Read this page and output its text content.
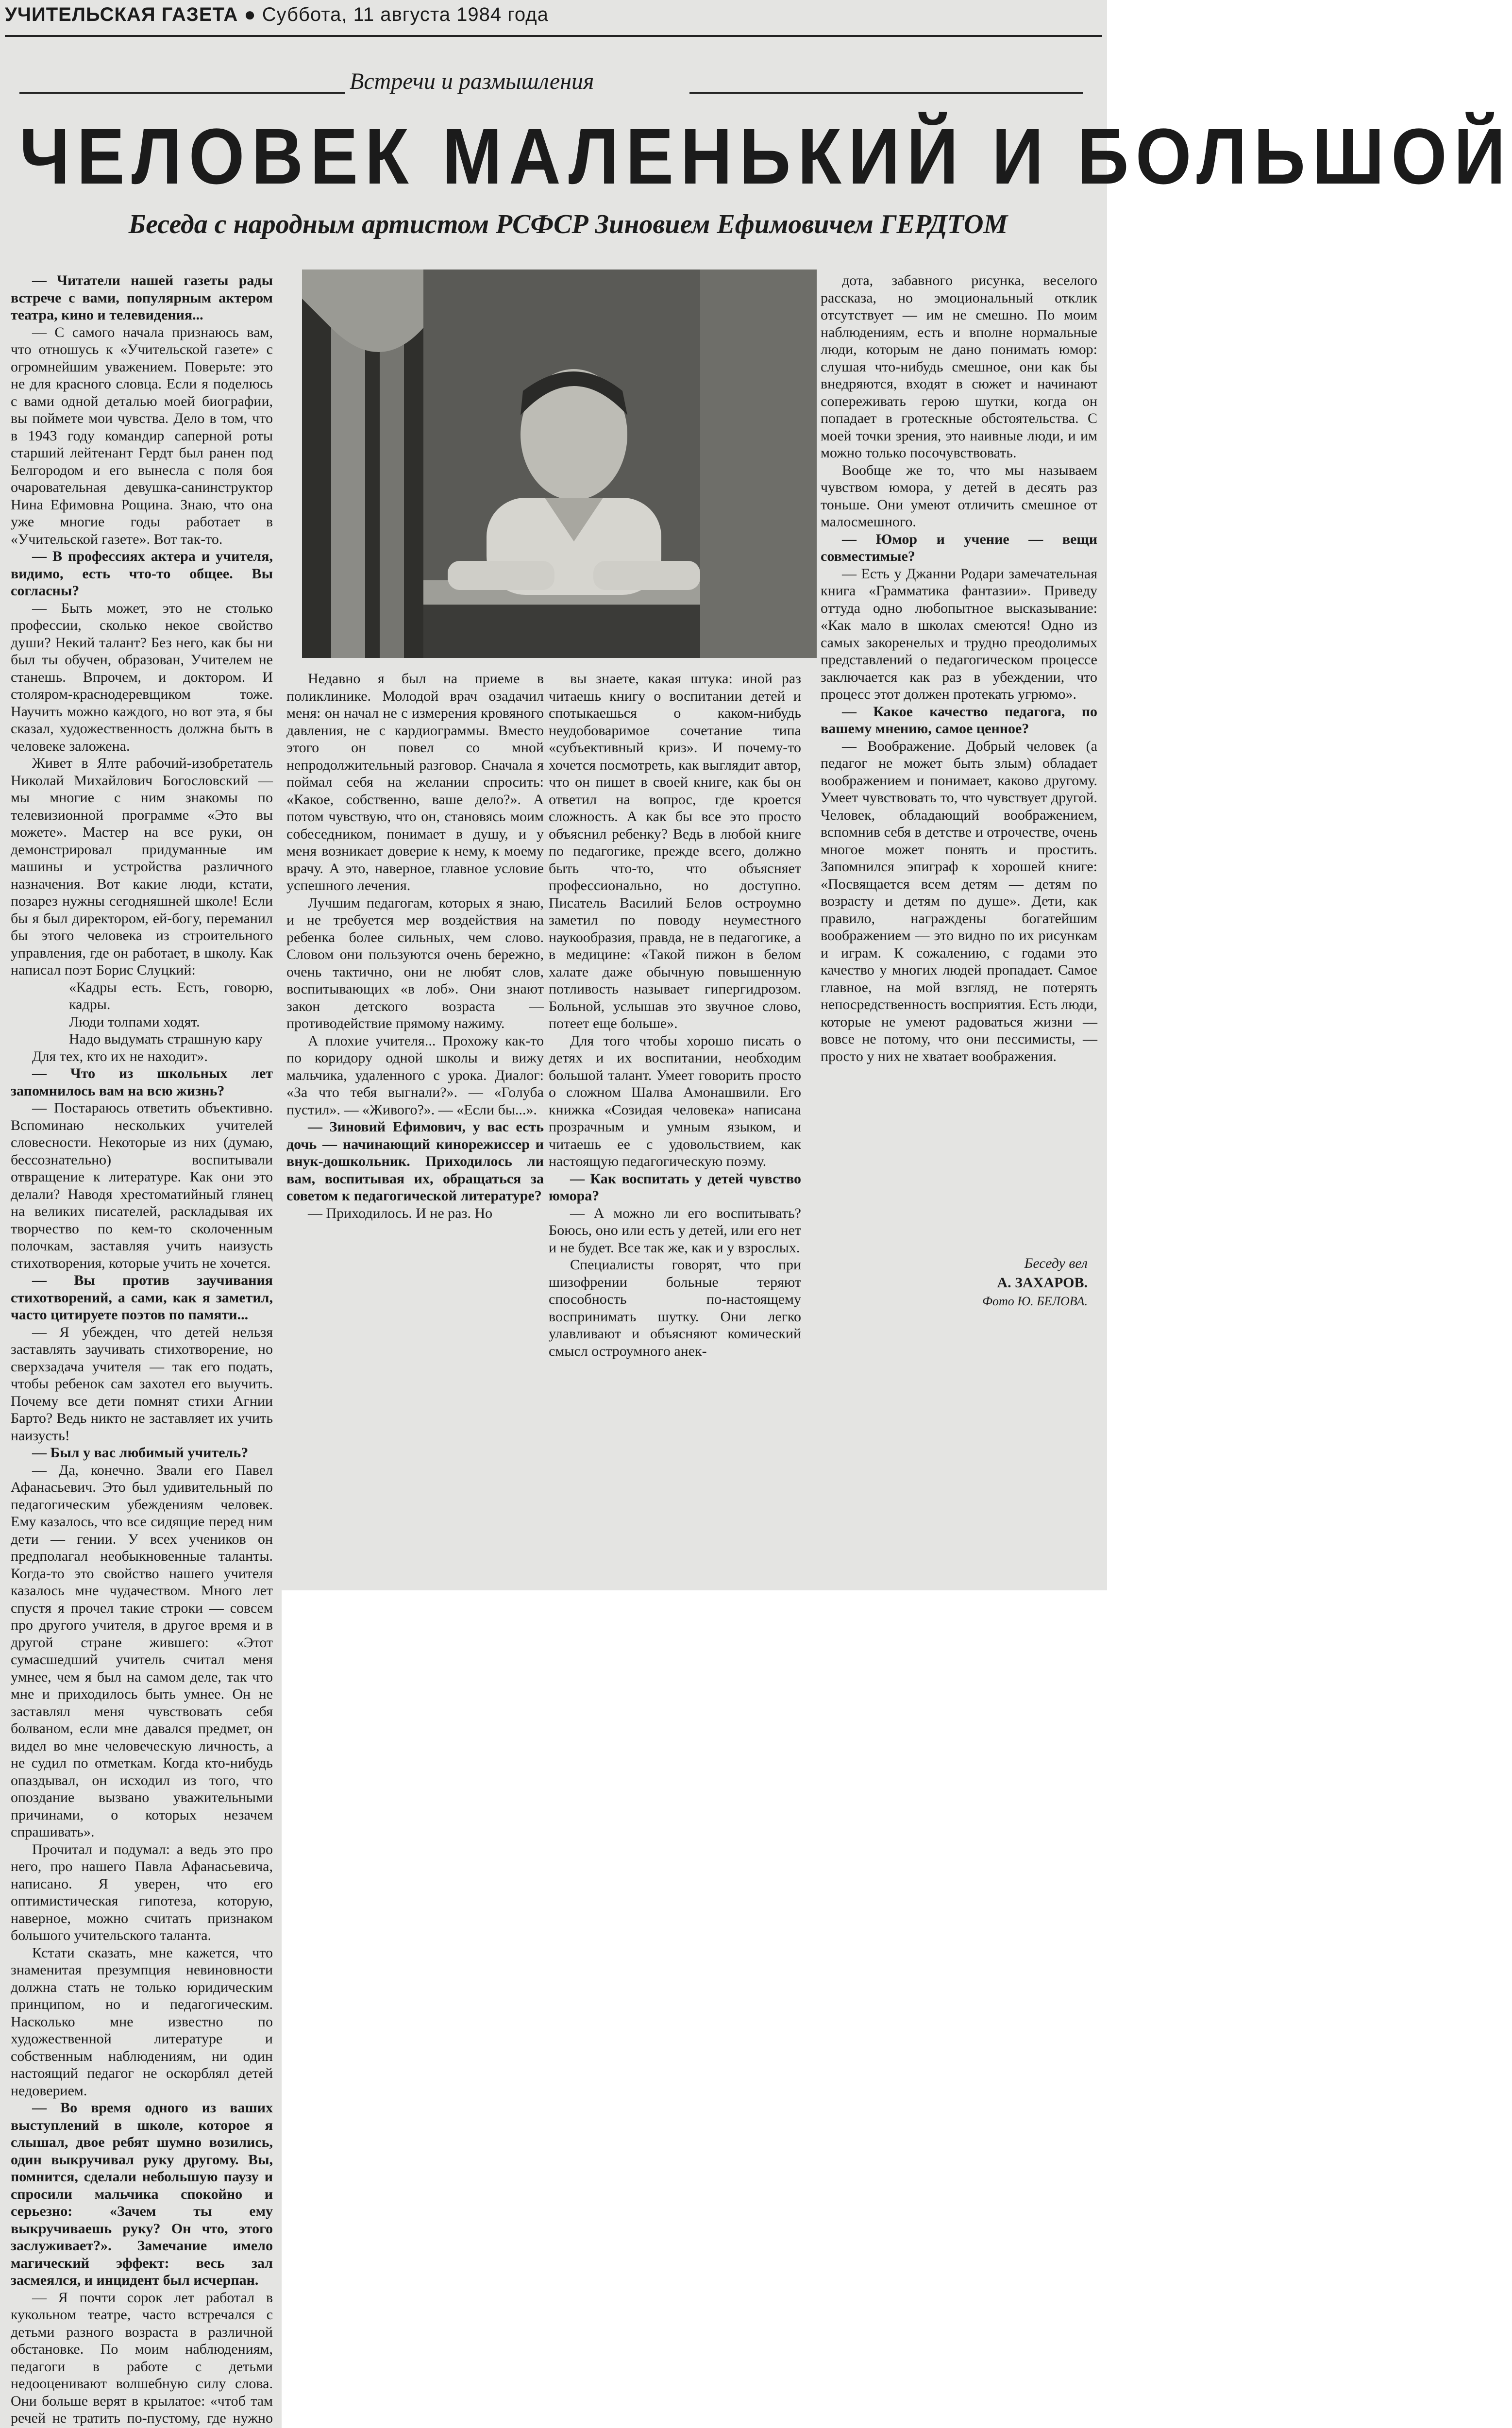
УЧИТЕЛЬСКАЯ ГАЗЕТА ● Суббота, 11 августа 1984 года
Встречи и размышления
ЧЕЛОВЕК МАЛЕНЬКИЙ И БОЛЬШОЙ
Беседа с народным артистом РСФСР Зиновием Ефимовичем ГЕРДТОМ

— Читатели нашей газеты рады встрече с вами, популярным актером театра, кино и телевидения...

— С самого начала признаюсь вам, что отношусь к «Учительской газете» с огромнейшим уважением. Поверьте: это не для красного словца. Если я поделюсь с вами одной деталью моей биографии, вы поймете мои чувства. Дело в том, что в 1943 году командир саперной роты старший лейтенант Гердт был ранен под Белгородом и его вынесла с поля боя очаровательная девушка-санинструктор Нина Ефимовна Рощина. Знаю, что она уже многие годы работает в «Учительской газете». Вот так-то.

— В профессиях актера и учителя, видимо, есть что-то общее. Вы согласны?

— Быть может, это не столько профессии, сколько некое свойство души? Некий талант? Без него, как бы ни был ты обучен, образован, Учителем не станешь. Впрочем, и доктором. И столяром-краснодеревщиком тоже. Научить можно каждого, но вот эта, я бы сказал, художественность должна быть в человеке заложена.

Живет в Ялте рабочий-изобретатель Николай Михайлович Богословский — мы многие с ним знакомы по телевизионной программе «Это вы можете». Мастер на все руки, он демонстрировал придуманные им машины и устройства различного назначения. Вот какие люди, кстати, позарез нужны сегодняшней школе! Если бы я был директором, ей-богу, переманил бы этого человека из строительного управления, где он работает, в школу. Как написал поэт Борис Слуцкий:

«Кадры есть. Есть, говорю, кадры.

Люди толпами ходят.

Надо выдумать страшную кару

Для тех, кто их не находит».

— Что из школьных лет запомнилось вам на всю жизнь?

— Постараюсь ответить объективно. Вспоминаю нескольких учителей словесности. Некоторые из них (думаю, бессознательно) воспитывали отвращение к литературе. Как они это делали? Наводя хрестоматийный глянец на великих писателей, раскладывая их творчество по кем-то сколоченным полочкам, заставляя учить наизусть стихотворения, которые учить не хочется.

— Вы против заучивания стихотворений, а сами, как я заметил, часто цитируете поэтов по памяти...

— Я убежден, что детей нельзя заставлять заучивать стихотворение, но сверхзадача учителя — так его подать, чтобы ребенок сам захотел его выучить. Почему все дети помнят стихи Агнии Барто? Ведь никто не заставляет их учить наизусть!

— Был у вас любимый учитель?

— Да, конечно. Звали его Павел Афанасьевич. Это был удивительный по педагогическим убеждениям человек. Ему казалось, что все сидящие перед ним дети — гении. У всех учеников он предполагал необыкновенные таланты. Когда-то это свойство нашего учителя казалось мне чудачеством. Много лет спустя я прочел такие строки — совсем про другого учителя, в другое время и в другой стране жившего: «Этот сумасшедший учитель считал меня умнее, чем я был на самом деле, так что мне и приходилось быть умнее. Он не заставлял меня чувствовать себя болваном, если мне давался предмет, он видел во мне человеческую личность, а не судил по отметкам. Когда кто-нибудь опаздывал, он исходил из того, что опоздание вызвано уважительными причинами, о которых незачем спрашивать».

Прочитал и подумал: а ведь это про него, про нашего Павла Афанасьевича, написано. Я уверен, что его оптимистическая гипотеза, которую, наверное, можно считать признаком большого учительского таланта.

Кстати сказать, мне кажется, что знаменитая презумпция невиновности должна стать не только юридическим принципом, но и педагогическим. Насколько мне известно по художественной литературе и собственным наблюдениям, ни один настоящий педагог не оскорблял детей недоверием.

— Во время одного из ваших выступлений в школе, которое я слышал, двое ребят шумно возились, один выкручивал руку другому. Вы, помнится, сделали небольшую паузу и спросили мальчика спокойно и серьезно: «Зачем ты ему выкручиваешь руку? Он что, этого заслуживает?». Замечание имело магический эффект: весь зал засмеялся, и инцидент был исчерпан.

— Я почти сорок лет работал в кукольном театре, часто встречался с детьми разного возраста в различной обстановке. По моим наблюдениям, педагоги в работе с детьми недооценивают волшебную силу слова. Они больше верят в крылатое: «чтоб там речей не тратить по-пустому, где нужно

Недавно я был на приеме в поликлинике. Молодой врач озадачил меня: он начал не с измерения кровяного давления, не с кардиограммы. Вместо этого он повел со мной непродолжительный разговор. Сначала я поймал себя на желании спросить: «Какое, собственно, ваше дело?». А потом чувствую, что он, становясь моим собеседником, понимает в душу, и у меня возникает доверие к нему, к моему врачу. А это, наверное, главное условие успешного лечения.

Лучшим педагогам, которых я знаю, и не требуется мер воздействия на ребенка более сильных, чем слово. Словом они пользуются очень бережно, очень тактично, они не любят слов, воспитывающих «в лоб». Они знают закон детского возраста — противодействие прямому нажиму.

А плохие учителя... Прохожу как-то по коридору одной школы и вижу мальчика, удаленного с урока. Диалог: «За что тебя выгнали?». — «Голуба пустил». — «Живого?». — «Если бы...».

— Зиновий Ефимович, у вас есть дочь — начинающий кинорежиссер и внук-дошкольник. Приходилось ли вам, воспитывая их, обращаться за советом к педагогической литературе?

— Приходилось. И не раз. Но

вы знаете, какая штука: иной раз читаешь книгу о воспитании детей и спотыкаешься о каком-нибудь неудобоваримое сочетание типа «субъективный криз». И почему-то хочется посмотреть, как выглядит автор, что он пишет в своей книге, как бы он ответил на вопрос, где кроется сложность. А как бы все это просто объяснил ребенку? Ведь в любой книге по педагогике, прежде всего, должно быть что-то, что объясняет профессионально, но доступно. Писатель Василий Белов остроумно заметил по поводу неуместного наукообразия, правда, не в педагогике, а в медицине: «Такой пижон в белом халате даже обычную повышенную потливость называет гипергидрозом. Больной, услышав это звучное слово, потеет еще больше».

Для того чтобы хорошо писать о детях и их воспитании, необходим большой талант. Умеет говорить просто о сложном Шалва Амонашвили. Его книжка «Созидая человека» написана прозрачным и умным языком, и читаешь ее с удовольствием, как настоящую педагогическую поэму.

— Как воспитать у детей чувство юмора?

— А можно ли его воспитывать? Боюсь, оно или есть у детей, или его нет и не будет. Все так же, как и у взрослых.

Специалисты говорят, что при шизофрении больные теряют способность по-настоящему воспринимать шутку. Они легко улавливают и объясняют комический смысл остроумного анек-

дота, забавного рисунка, веселого рассказа, но эмоциональный отклик отсутствует — им не смешно. По моим наблюдениям, есть и вполне нормальные люди, которым не дано понимать юмор: слушая что-нибудь смешное, они как бы внедряются, входят в сюжет и начинают сопереживать герою шутки, когда он попадает в гротескные обстоятельства. С моей точки зрения, это наивные люди, и им можно только посочувствовать.

Вообще же то, что мы называем чувством юмора, у детей в десять раз тоньше. Они умеют отличить смешное от малосмешного.

— Юмор и учение — вещи совместимые?

— Есть у Джанни Родари замечательная книга «Грамматика фантазии». Приведу оттуда одно любопытное высказывание: «Как мало в школах смеются! Одно из самых закоренелых и трудно преодолимых представлений о педагогическом процессе заключается как раз в убеждении, что процесс этот должен протекать угрюмо».

— Какое качество педагога, по вашему мнению, самое ценное?

— Воображение. Добрый человек (а педагог не может быть злым) обладает воображением и понимает, каково другому. Умеет чувствовать то, что чувствует другой. Человек, обладающий воображением, вспомнив себя в детстве и отрочестве, очень многое может понять и простить. Запомнился эпиграф к хорошей книге: «Посвящается всем детям — детям по возрасту и детям по душе». Дети, как правило, награждены богатейшим воображением — это видно по их рисункам и играм. К сожалению, с годами это качество у многих людей пропадает. Самое главное, на мой взгляд, не потерять непосредственность восприятия. Есть люди, которые не умеют радоваться жизни — вовсе не потому, что они пессимисты, — просто у них не хватает воображения.

Беседу вел
А. ЗАХАРОВ.
Фото Ю. БЕЛОВА.
